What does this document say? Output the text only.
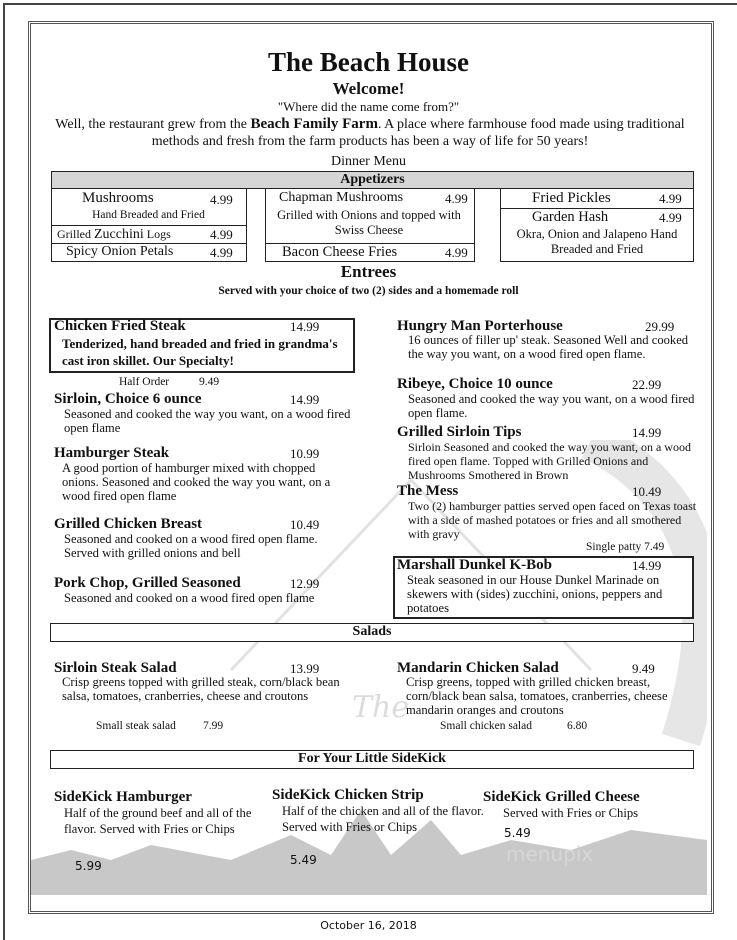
The
menupix
The Beach House
Welcome!
"Where did the name come from?"
Well, the restaurant grew from the Beach Family Farm. A place where farmhouse food made using traditional methods and fresh from the farm products has been a way of life for 50 years!
Dinner Menu
Appetizers
Mushrooms	4.99
Hand Breaded and Fried
Grilled Zucchini Logs	4.99
Spicy Onion Petals	4.99
Chapman Mushrooms	4.99
Grilled with Onions and topped with Swiss Cheese
Bacon Cheese Fries	4.99
Fried Pickles	4.99
Garden Hash	4.99
Okra, Onion and Jalapeno Hand Breaded and Fried
Entrees
Served with your choice of two (2) sides and a homemade roll
Chicken Fried Steak	14.99
Tenderized, hand breaded and fried in grandma's cast iron skillet. Our Specialty!
Half Order	9.49
Sirloin, Choice 6 ounce	14.99
Seasoned and cooked the way you want, on a wood fired open flame
Hamburger Steak	10.99
A good portion of hamburger mixed with chopped onions. Seasoned and cooked the way you want, on a wood fired open flame
Grilled Chicken Breast	10.49
Seasoned and cooked on a wood fired open flame. Served with grilled onions and bell
Pork Chop, Grilled Seasoned	12.99
Seasoned and cooked on a wood fired open flame
Hungry Man Porterhouse	29.99
16 ounces of filler up' steak. Seasoned Well and cooked the way you want, on a wood fired open flame.
Ribeye, Choice 10 ounce	22.99
Seasoned and cooked the way you want, on a wood fired open flame.
Grilled Sirloin Tips	14.99
Sirloin Seasoned and cooked the way you want, on a wood fired open flame. Topped with Grilled Onions and Mushrooms Smothered in Brown
The Mess	10.49
Two (2) hamburger patties served open faced on Texas toast with a side of mashed potatoes or fries and all smothered with gravy
Single patty 7.49
Marshall Dunkel K-Bob	14.99
Steak seasoned in our House Dunkel Marinade on skewers with (sides) zucchini, onions, peppers and potatoes
Salads
Sirloin Steak Salad	13.99
Crisp greens topped with grilled steak, corn/black bean salsa, tomatoes, cranberries, cheese and croutons
Small steak salad 7.99
Mandarin Chicken Salad	9.49
Crisp greens, topped with grilled chicken breast, corn/black bean salsa, tomatoes, cranberries, cheese mandarin oranges and croutons
Small chicken salad	6.80
For Your Little SideKick
SideKick Hamburger
Half of the ground beef and all of the flavor. Served with Fries or Chips
5.99
SideKick Chicken Strip
Half of the chicken and all of the flavor. Served with Fries or Chips
5.49
SideKick Grilled Cheese
Served with Fries or Chips
5.49
October 16, 2018
